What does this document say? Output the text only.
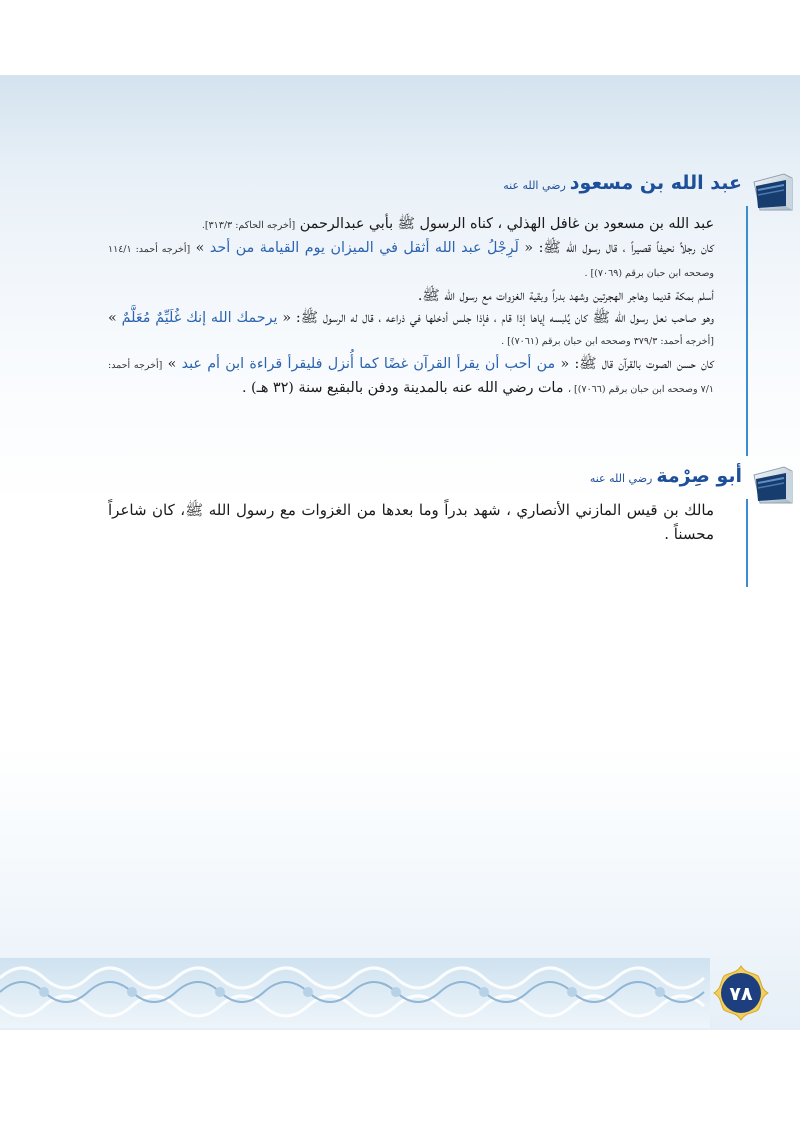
عبد الله بن مسعودرضي الله عنه

عبد الله بن مسعود بن غافل الهذلي ، كناه الرسول ﷺ بأبي عبدالرحمن [أخرجه الحاكم: ٣١٣/٣].

كان رجلاً نحيفاً قصيراً ، قال رسول الله ﷺ: « لَرِجْلُ عبد الله أثقل في الميزان يوم القيامة من أحد » [أخرجه أحمد: ١١٤/١ وصححه ابن حبان برقم (٧٠٦٩)] .

أسلم بمكة قديما وهاجر الهجرتين وشهد بدراً وبقية الغزوات مع رسول الله ﷺ.

وهو صاحب نعل رسول الله ﷺ كان يُلبسه إياها إذا قام ، فإذا جلس أدخلها في ذراعه ، قال له الرسول ﷺ: « يرحمك الله إنك غُلَيِّمٌ مُعَلَّمٌ » [أخرجه أحمد: ٣٧٩/٣ وصححه ابن حبان برقم (٧٠٦١)] .

كان حسن الصوت بالقرآن قال ﷺ: « من أحب أن يقرأ القرآن غضًا كما أُنزل فليقرأ قراءة ابن أم عبد » [أخرجه أحمد: ٧/١ وصححه ابن حبان برقم (٧٠٦٦)] ، مات رضي الله عنه بالمدينة ودفن بالبقيع سنة (٣٢ هـ) .

أبو صِرْمةرضي الله عنه

مالك بن قيس المازني الأنصاري ، شهد بدراً وما بعدها من الغزوات مع رسول الله ﷺ، كان شاعراً محسناً .

٧٨
